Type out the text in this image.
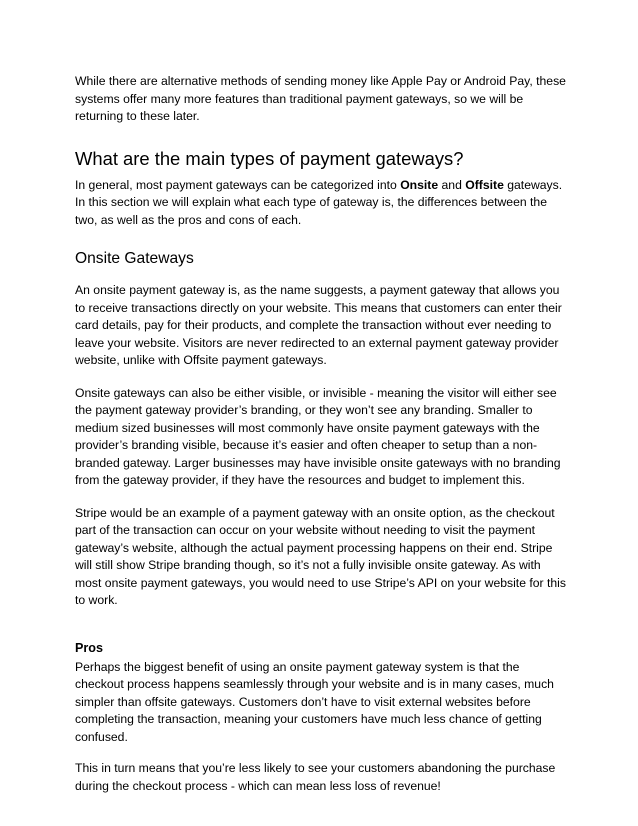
While there are alternative methods of sending money like Apple Pay or Android Pay, these systems offer many more features than traditional payment gateways, so we will be returning to these later.

What are the main types of payment gateways?

In general, most payment gateways can be categorized into Onsite and Offsite gateways. In this section we will explain what each type of gateway is, the differences between the two, as well as the pros and cons of each.

Onsite Gateways

An onsite payment gateway is, as the name suggests, a payment gateway that allows you to receive transactions directly on your website. This means that customers can enter their card details, pay for their products, and complete the transaction without ever needing to leave your website. Visitors are never redirected to an external payment gateway provider website, unlike with Offsite payment gateways.

Onsite gateways can also be either visible, or invisible - meaning the visitor will either see the payment gateway provider’s branding, or they won’t see any branding. Smaller to medium sized businesses will most commonly have onsite payment gateways with the provider’s branding visible, because it’s easier and often cheaper to setup than a non-branded gateway. Larger businesses may have invisible onsite gateways with no branding from the gateway provider, if they have the resources and budget to implement this.

Stripe would be an example of a payment gateway with an onsite option, as the checkout part of the transaction can occur on your website without needing to visit the payment gateway’s website, although the actual payment processing happens on their end. Stripe will still show Stripe branding though, so it’s not a fully invisible onsite gateway. As with most onsite payment gateways, you would need to use Stripe’s API on your website for this to work.

Pros

Perhaps the biggest benefit of using an onsite payment gateway system is that the checkout process happens seamlessly through your website and is in many cases, much simpler than offsite gateways. Customers don’t have to visit external websites before completing the transaction, meaning your customers have much less chance of getting confused.

This in turn means that you’re less likely to see your customers abandoning the purchase during the checkout process - which can mean less loss of revenue!
